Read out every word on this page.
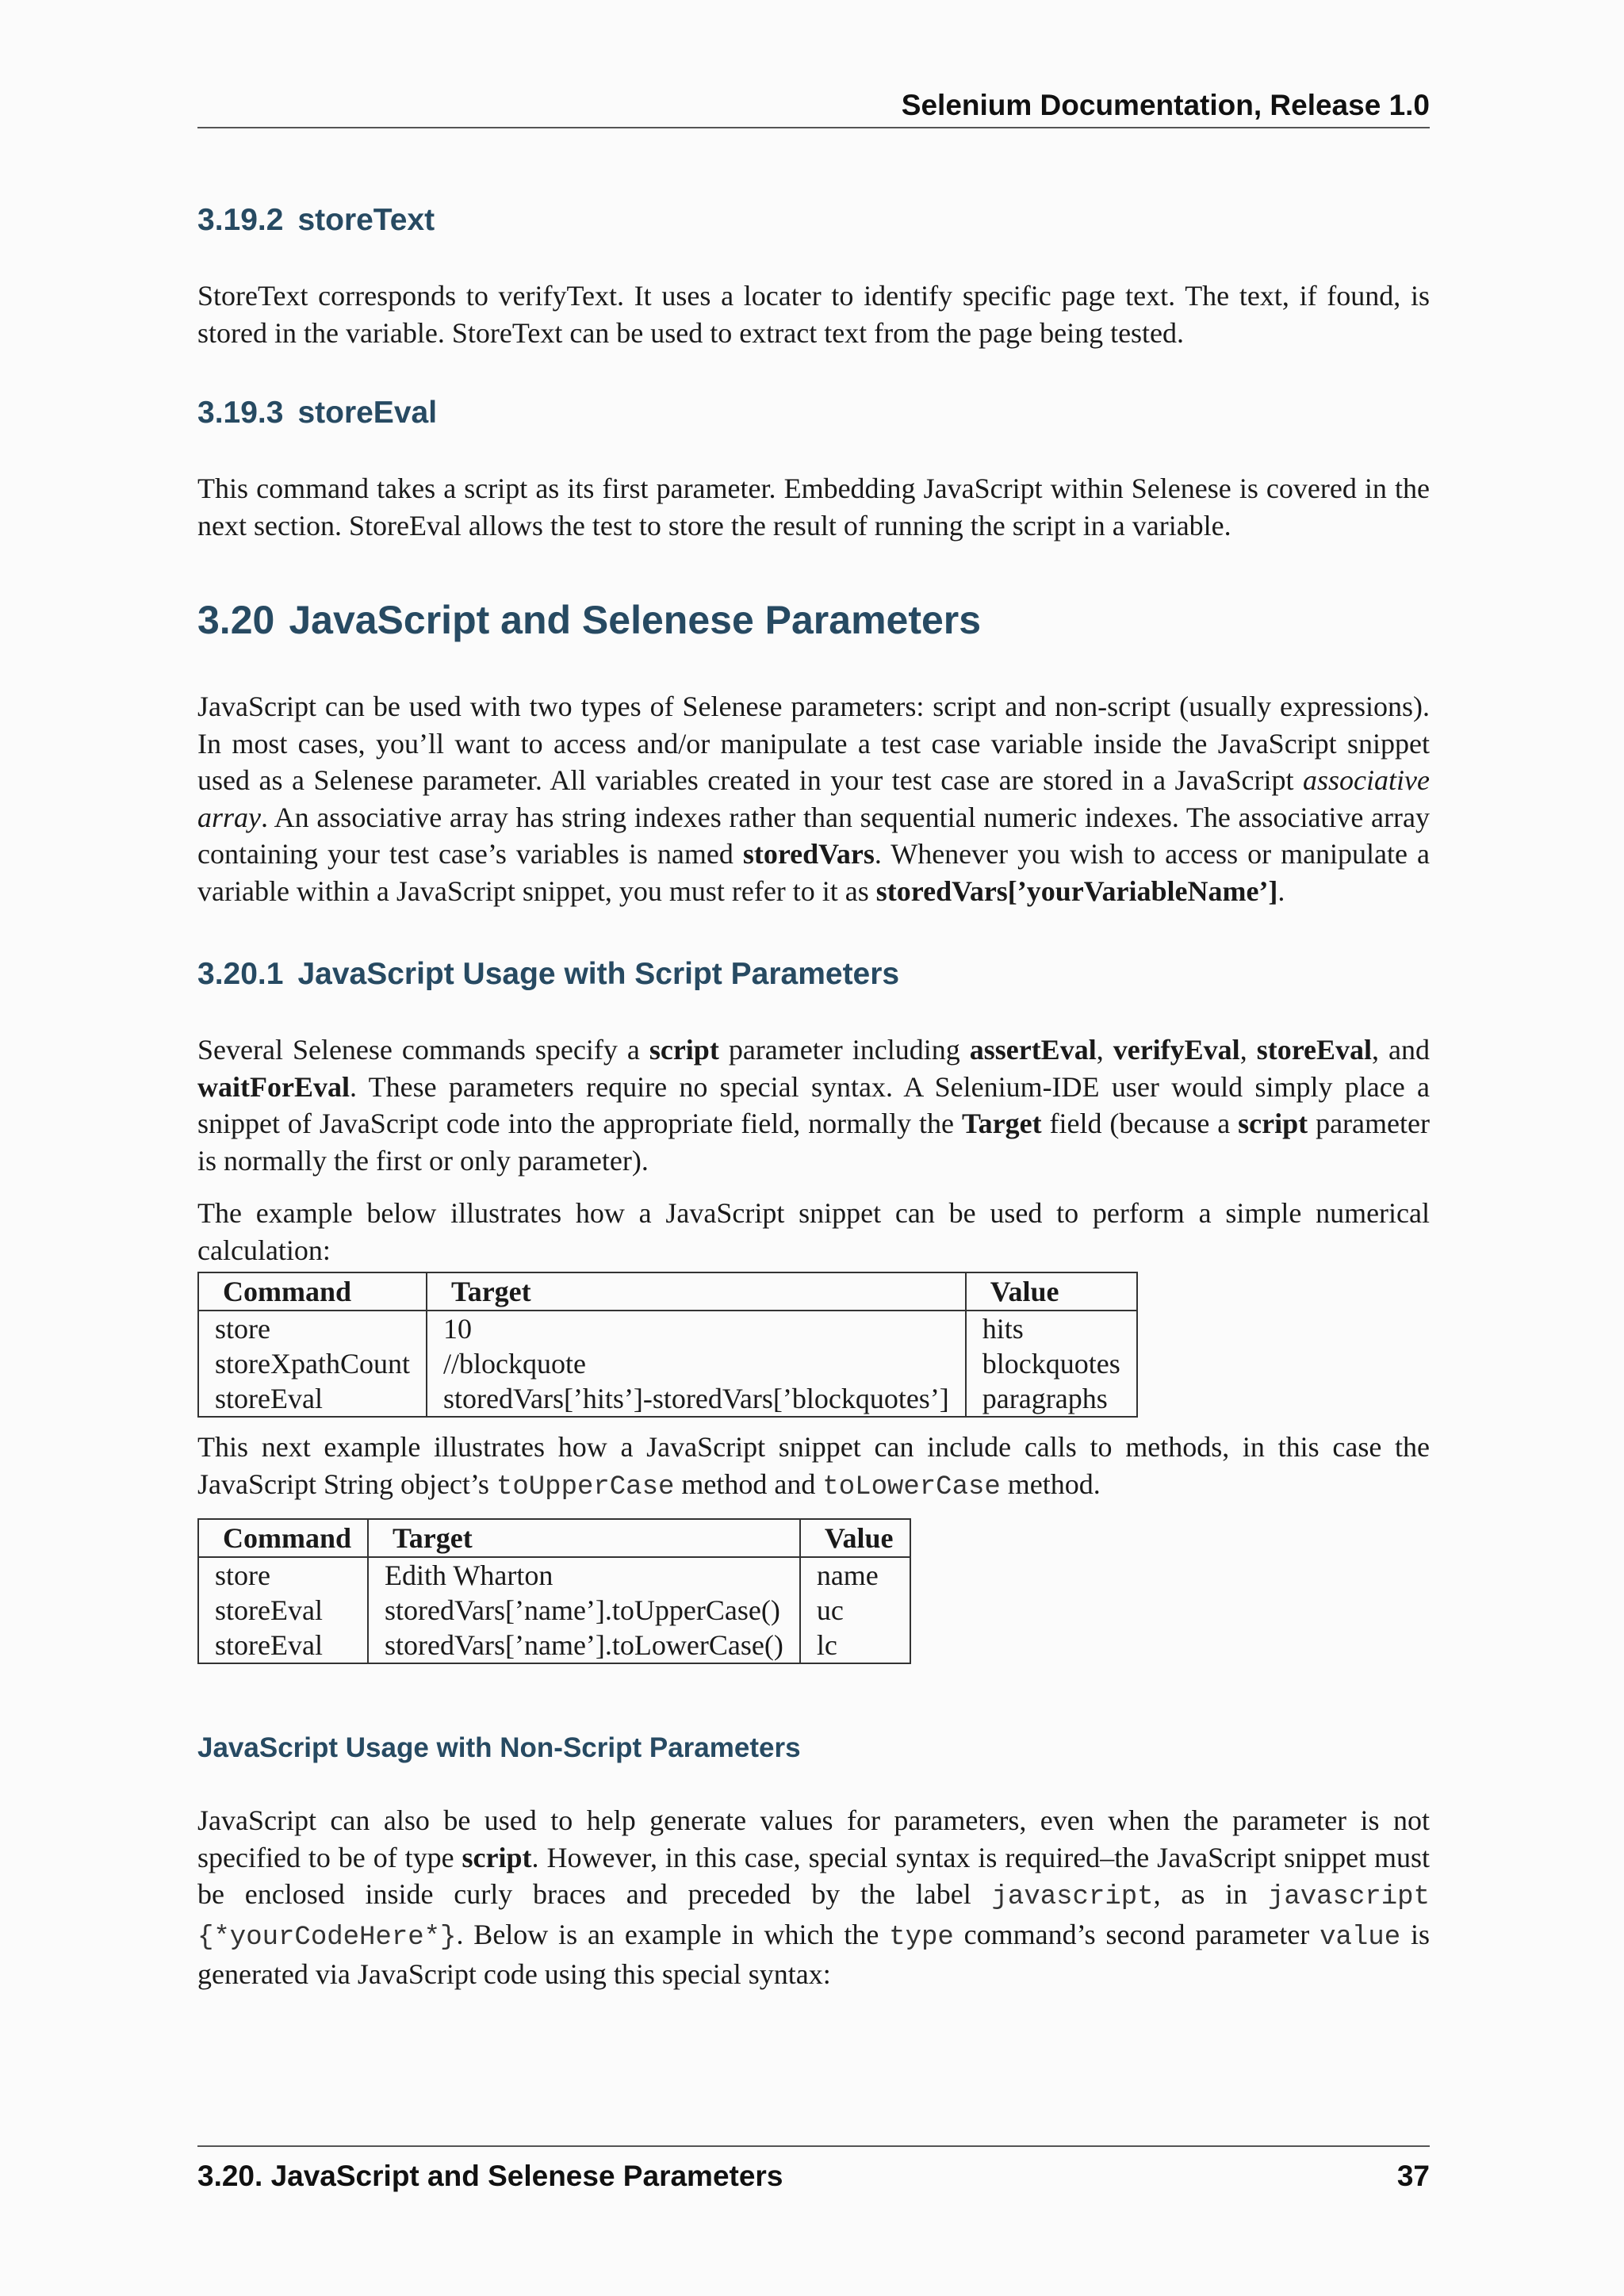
Selenium Documentation, Release 1.0
3.19.2 storeText

StoreText corresponds to verifyText. It uses a locater to identify specific page text. The text, if found, is stored in the variable. StoreText can be used to extract text from the page being tested.

3.19.3 storeEval

This command takes a script as its first parameter. Embedding JavaScript within Selenese is covered in the next section. StoreEval allows the test to store the result of running the script in a variable.

3.20 JavaScript and Selenese Parameters

JavaScript can be used with two types of Selenese parameters: script and non-script (usually expressions). In most cases, you’ll want to access and/or manipulate a test case variable inside the JavaScript snippet used as a Selenese parameter. All variables created in your test case are stored in a JavaScript associative array. An associative array has string indexes rather than sequential numeric indexes. The associative array containing your test case’s variables is named storedVars. Whenever you wish to access or manipulate a variable within a JavaScript snippet, you must refer to it as storedVars[’yourVariableName’].

3.20.1 JavaScript Usage with Script Parameters

Several Selenese commands specify a script parameter including assertEval, verifyEval, storeEval, and waitForEval. These parameters require no special syntax. A Selenium-IDE user would simply place a snippet of JavaScript code into the appropriate field, normally the Target field (because a script parameter is normally the first or only parameter).

The example below illustrates how a JavaScript snippet can be used to perform a simple numerical calculation:

Command	Target	Value
store	10	hits
storeXpathCount	//blockquote	blockquotes
storeEval	storedVars[’hits’]-storedVars[’blockquotes’]	paragraphs

This next example illustrates how a JavaScript snippet can include calls to methods, in this case the JavaScript String object’s toUpperCase method and toLowerCase method.

Command	Target	Value
store	Edith Wharton	name
storeEval	storedVars[’name’].toUpperCase()	uc
storeEval	storedVars[’name’].toLowerCase()	lc
JavaScript Usage with Non-Script Parameters

JavaScript can also be used to help generate values for parameters, even when the parameter is not specified to be of type script. However, in this case, special syntax is required–the JavaScript snippet must be enclosed inside curly braces and preceded by the label javascript, as in javascript {*yourCodeHere*}. Below is an example in which the type command’s second parameter value is generated via JavaScript code using this special syntax:

3.20. JavaScript and Selenese Parameters	37
